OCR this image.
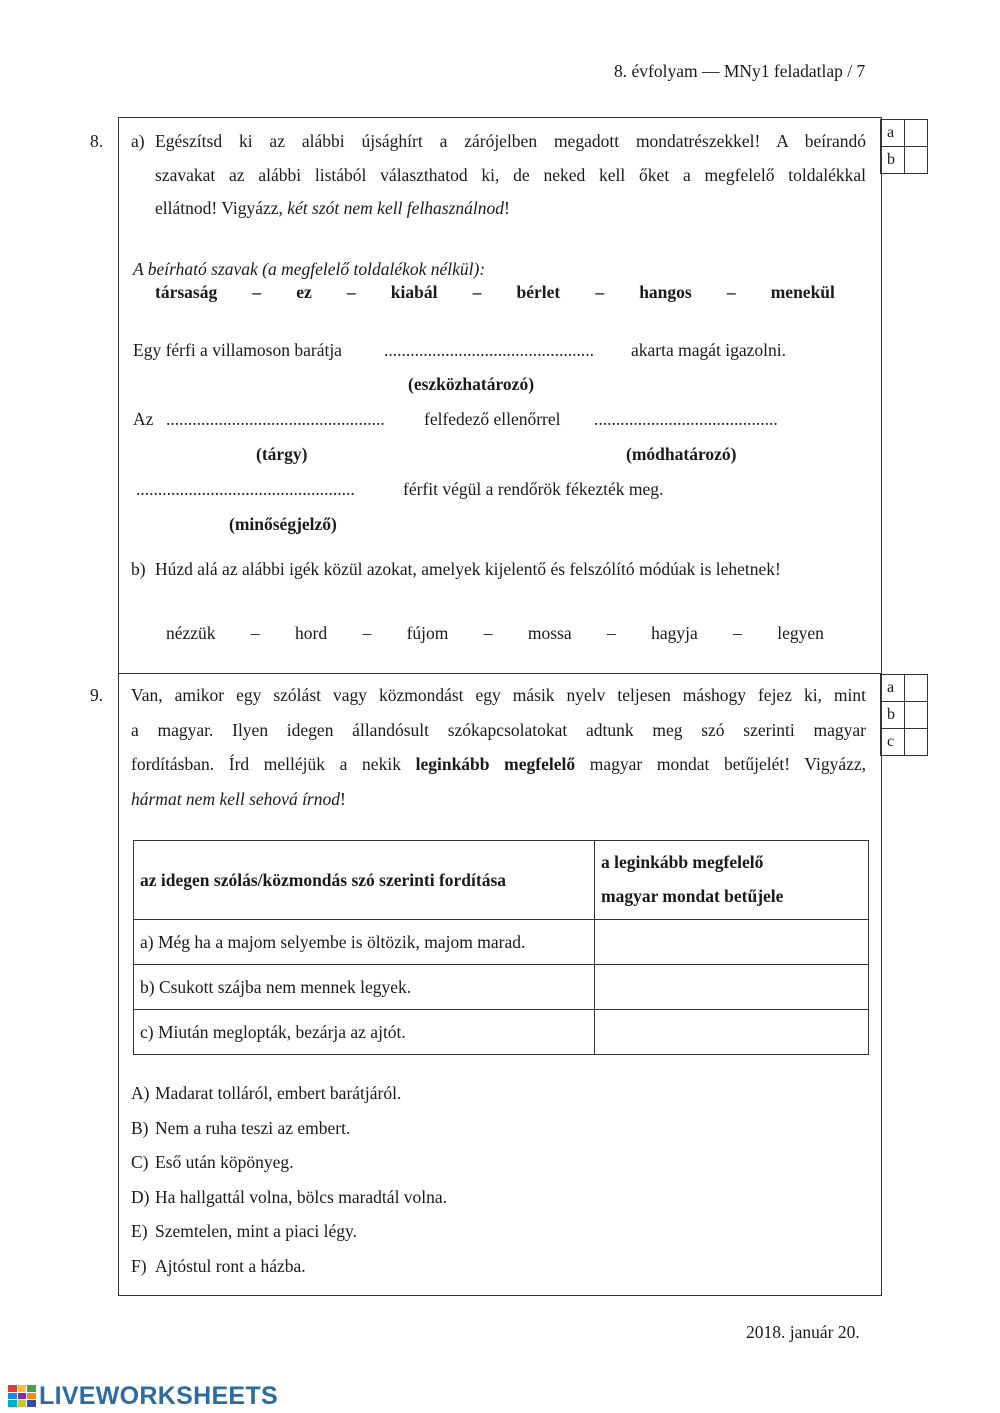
8. évfolyam — MNy1 feladatlap / 7
8.	a
b
a) Egészítsd ki az alábbi újsághírt a zárójelben megadott mondatrészekkel! A beírandó
szavakat az alábbi listából választhatod ki, de neked kell őket a megfelelő toldalékkal
ellátnod! Vigyázz, két szót nem kell felhasználnod!
A beírható szavak (a megfelelő toldalékok nélkül):
társaság – ez – kiabál – bérlet – hangos – menekül
Egy férfi a villamoson barátja ................................................ akarta magát igazolni.
(eszközhatározó)
Az .................................................. felfedező ellenőrrel ..........................................
(tárgy)	(módhatározó)
..................................................	férfit végül a rendőrök fékezték meg.
(minőségjelző)
b) Húzd alá az alábbi igék közül azokat, amelyek kijelentő és felszólító módúak is lehetnek!
nézzük – hord – fújom – mossa – hagyja – legyen
9.	a
b
c
Van, amikor egy szólást vagy közmondást egy másik nyelv teljesen máshogy fejez ki, mint
a magyar. Ilyen idegen állandósult szókapcsolatokat adtunk meg szó szerinti magyar
fordításban. Írd melléjük a nekik leginkább megfelelő magyar mondat betűjelét! Vigyázz,
hármat nem kell sehová írnod!
az idegen szólás/közmondás szó szerinti fordítása	a leginkább megfelelő
magyar mondat betűjele

a) Még ha a majom selyembe is öltözik, majom marad.	
b) Csukott szájba nem mennek legyek.	
c) Miután meglopták, bezárja az ajtót.	
A) Madarat tolláról, embert barátjáról.
B) Nem a ruha teszi az embert.
C) Eső után köpönyeg.
D) Ha hallgattál volna, bölcs maradtál volna.
E) Szemtelen, mint a piaci légy.
F) Ajtóstul ront a házba.
2018. január 20.
LIVEWORKSHEETS
